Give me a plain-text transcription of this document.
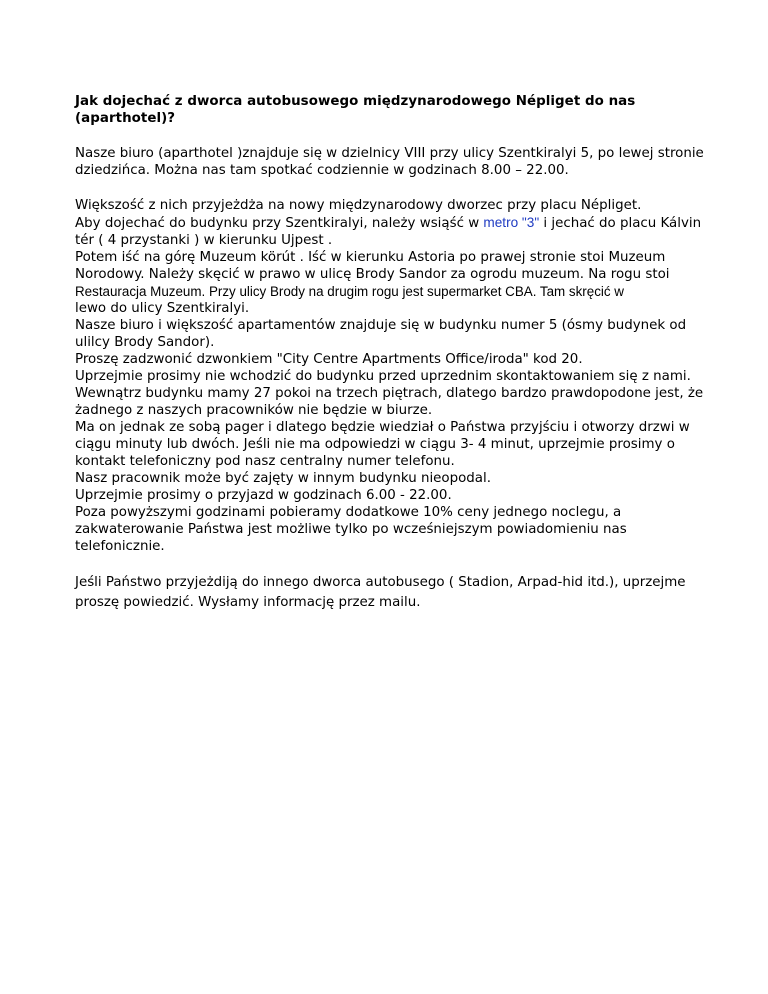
Jak dojechać z dworca autobusowego międzynarodowego Népliget do nas
(aparthotel)?
Nasze biuro (aparthotel )znajduje się w dzielnicy VIII przy ulicy Szentkiralyi 5, po lewej stronie
dziedzińca. Można nas tam spotkać codziennie w godzinach 8.00 – 22.00.
Większość z nich przyjeżdża na nowy międzynarodowy dworzec przy placu Népliget.
Aby dojechać do budynku przy Szentkiralyi, należy wsiąść w metro "3" i jechać do placu Kálvin
tér ( 4 przystanki ) w kierunku Ujpest .
Potem iść na górę Muzeum körút . Iść w kierunku Astoria po prawej stronie stoi Muzeum
Norodowy. Należy skęcić w prawo w ulicę Brody Sandor za ogrodu muzeum. Na rogu stoi
Restauracja Muzeum. Przy ulicy Brody na drugim rogu jest supermarket CBA. Tam skręcić w
lewo do ulicy Szentkiralyi.
Nasze biuro i większość apartamentów znajduje się w budynku numer 5 (ósmy budynek od
ulilcy Brody Sandor).
Proszę zadzwonić dzwonkiem "City Centre Apartments Office/iroda" kod 20.
Uprzejmie prosimy nie wchodzić do budynku przed uprzednim skontaktowaniem się z nami.
Wewnątrz budynku mamy 27 pokoi na trzech piętrach, dlatego bardzo prawdopodone jest, że
żadnego z naszych pracowników nie będzie w biurze.
Ma on jednak ze sobą pager i dlatego będzie wiedział o Państwa przyjściu i otworzy drzwi w
ciągu minuty lub dwóch. Jeśli nie ma odpowiedzi w ciągu 3- 4 minut, uprzejmie prosimy o
kontakt telefoniczny pod nasz centralny numer telefonu.
Nasz pracownik może być zajęty w innym budynku nieopodal.
Uprzejmie prosimy o przyjazd w godzinach 6.00 - 22.00.
Poza powyższymi godzinami pobieramy dodatkowe 10% ceny jednego noclegu, a
zakwaterowanie Państwa jest możliwe tylko po wcześniejszym powiadomieniu nas
telefonicznie.
Jeśli Państwo przyjeżdiją do innego dworca autobusego ( Stadion, Arpad-hid itd.), uprzejme
proszę powiedzić. Wysłamy informację przez mailu.
